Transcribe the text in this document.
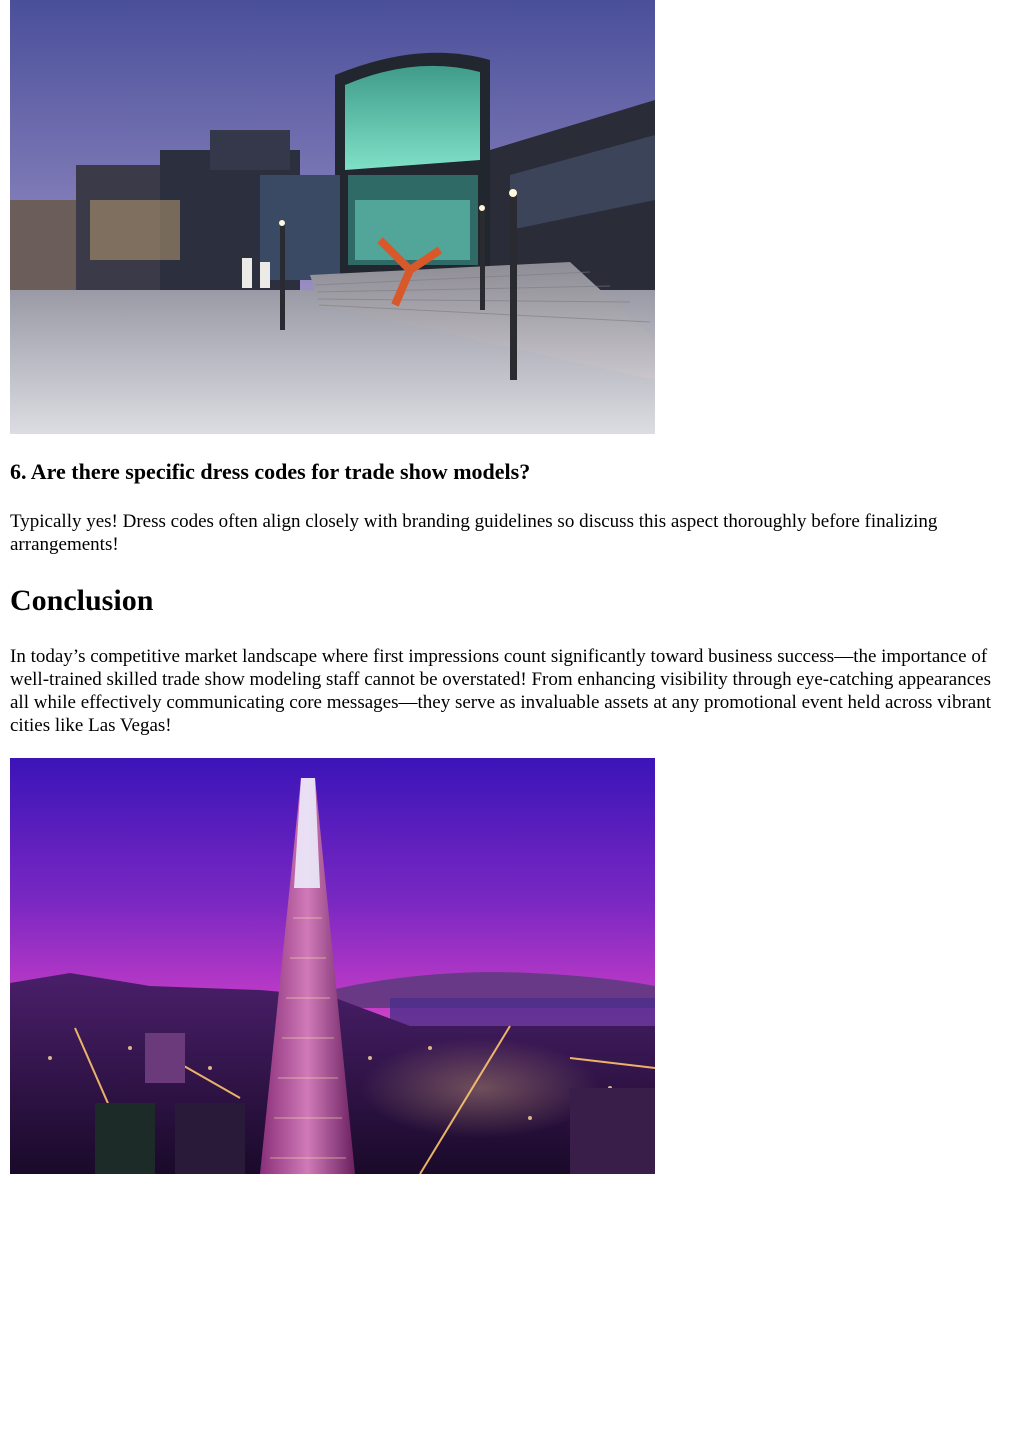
6. Are there specific dress codes for trade show models?

Typically yes! Dress codes often align closely with branding guidelines so discuss this aspect thoroughly before finalizing arrangements!

Conclusion

In today’s competitive market landscape where first impressions count significantly toward business success—the importance of well-trained skilled trade show modeling staff cannot be overstated! From enhancing visibility through eye-catching appearances all while effectively communicating core messages—they serve as invaluable assets at any promotional event held across vibrant cities like Las Vegas!
